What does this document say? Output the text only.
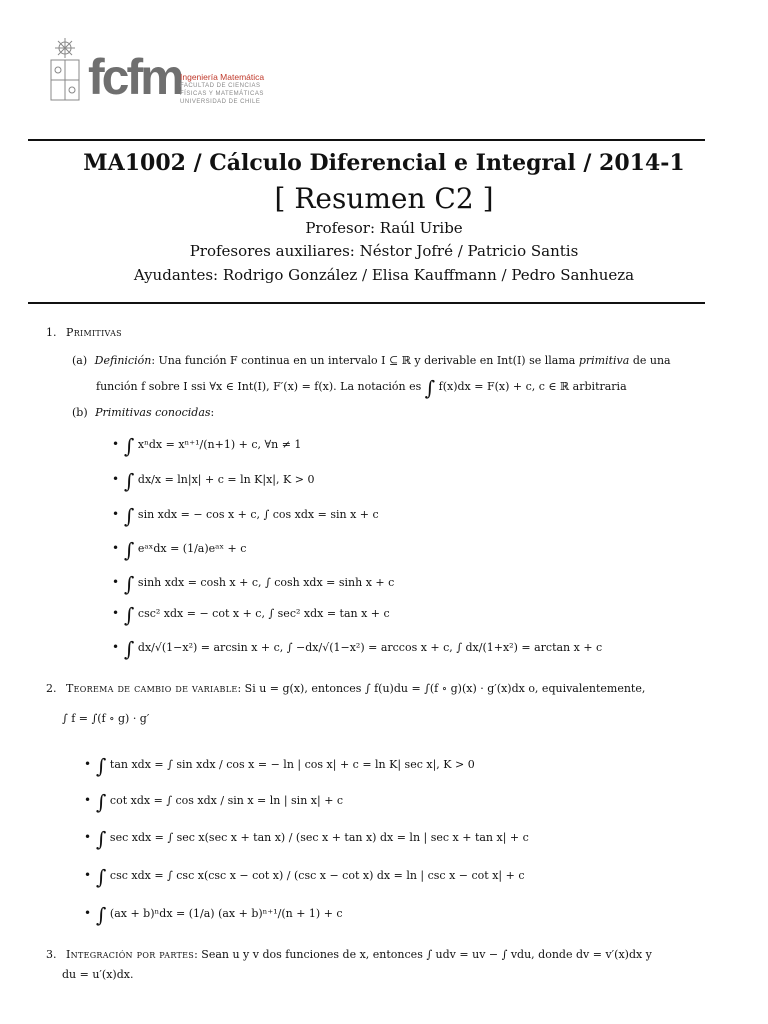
fcfm
Ingeniería Matemática
FACULTAD DE CIENCIAS
FÍSICAS Y MATEMÁTICAS
UNIVERSIDAD DE CHILE
MA1002 / Cálculo Diferencial e Integral / 2014-1
[ Resumen C2 ]
Profesor: Raúl Uribe
Profesores auxiliares: Néstor Jofré / Patricio Santis
Ayudantes: Rodrigo González / Elisa Kauffmann / Pedro Sanhueza
1. Primitivas
(a) Definición: Una función F continua en un intervalo I ⊆ ℝ y derivable en Int(I) se llama primitiva de una
función f sobre I ssi ∀x ∈ Int(I), F′(x) = f(x). La notación es ∫ f(x)dx = F(x) + c, c ∈ ℝ arbitraria
(b) Primitivas conocidas:
• ∫ xⁿdx = xⁿ⁺¹/(n+1) + c, ∀n ≠ 1
• ∫ dx/x = ln|x| + c = ln K|x|, K > 0
• ∫ sin xdx = − cos x + c, ∫ cos xdx = sin x + c
• ∫ eᵃˣdx = (1/a)eᵃˣ + c
• ∫ sinh xdx = cosh x + c, ∫ cosh xdx = sinh x + c
• ∫ csc² xdx = − cot x + c, ∫ sec² xdx = tan x + c
• ∫ dx/√(1−x²) = arcsin x + c, ∫ −dx/√(1−x²) = arccos x + c, ∫ dx/(1+x²) = arctan x + c
2. Teorema de cambio de variable: Si u = g(x), entonces ∫ f(u)du = ∫(f ∘ g)(x) · g′(x)dx o, equivalentemente,
∫ f = ∫(f ∘ g) · g′
• ∫ tan xdx = ∫ sin xdx / cos x = − ln | cos x| + c = ln K| sec x|, K > 0
• ∫ cot xdx = ∫ cos xdx / sin x = ln | sin x| + c
• ∫ sec xdx = ∫ sec x(sec x + tan x) / (sec x + tan x) dx = ln | sec x + tan x| + c
• ∫ csc xdx = ∫ csc x(csc x − cot x) / (csc x − cot x) dx = ln | csc x − cot x| + c
• ∫ (ax + b)ⁿdx = (1/a) (ax + b)ⁿ⁺¹/(n + 1) + c
3. Integración por partes: Sean u y v dos funciones de x, entonces ∫ udv = uv − ∫ vdu, donde dv = v′(x)dx y
du = u′(x)dx.
